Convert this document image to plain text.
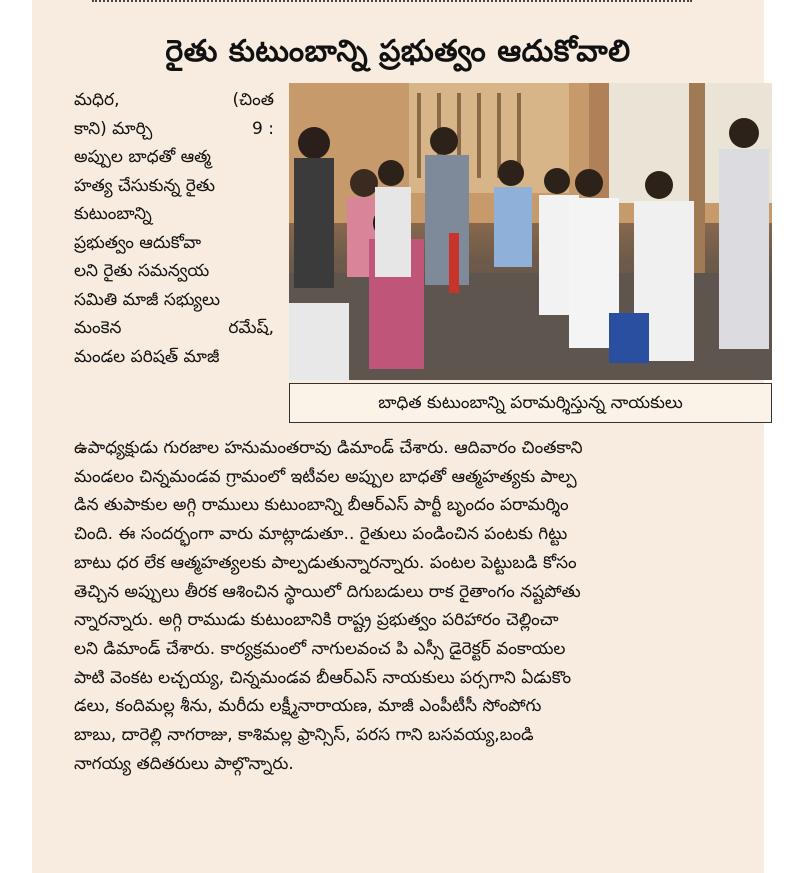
రైతు కుటుంబాన్ని ప్రభుత్వం ఆదుకోవాలి
మధిర,	(చింత
కాని) మార్చి	9 :
అప్పుల బాధతో ఆత్మ
హత్య చేసుకున్న రైతు
కుటుంబాన్ని
ప్రభుత్వం ఆదుకోవా
లని రైతు సమన్వయ
సమితి మాజీ సభ్యులు
మంకెన	రమేష్,
మండల పరిషత్ మాజీ
బాధిత కుటుంబాన్ని పరామర్శిస్తున్న నాయకులు
ఉపాధ్యక్షుడు గురజాల హనుమంతరావు డిమాండ్ చేశారు. ఆదివారం చింతకాని
మండలం చిన్నమండవ గ్రామంలో ఇటీవల అప్పుల బాధతో ఆత్మహత్యకు పాల్ప
డిన తుపాకుల అగ్గి రాములు కుటుంబాన్ని బీఆర్ఎస్ పార్టీ బృందం పరామర్శిం
చింది. ఈ సందర్భంగా వారు మాట్లాడుతూ.. రైతులు పండించిన పంటకు గిట్టు
బాటు ధర లేక ఆత్మహత్యలకు పాల్పడుతున్నారన్నారు. పంటల పెట్టుబడి కోసం
తెచ్చిన అప్పులు తీరక ఆశించిన స్థాయిలో దిగుబడులు రాక రైతాంగం నష్టపోతు
న్నారన్నారు. అగ్గి రాముడు కుటుంబానికి రాష్ట్ర ప్రభుత్వం పరిహారం చెల్లించా
లని డిమాండ్ చేశారు. కార్యక్రమంలో నాగులవంచ పి ఎస్సీ డైరెక్టర్ వంకాయల
పాటి వెంకట లచ్చయ్య, చిన్నమండవ బీఆర్ఎస్ నాయకులు పర్సగాని ఏడుకొం
డలు, కందిమల్ల శీను, మరీదు లక్ష్మీనారాయణ, మాజీ ఎంపీటీసీ సోంపోగు
బాబు, దారెల్లి నాగరాజు, కాశిమల్ల ఫ్రాన్సిస్, పరస గాని బసవయ్య,బండి
నాగయ్య తదితరులు పాల్గొన్నారు.
